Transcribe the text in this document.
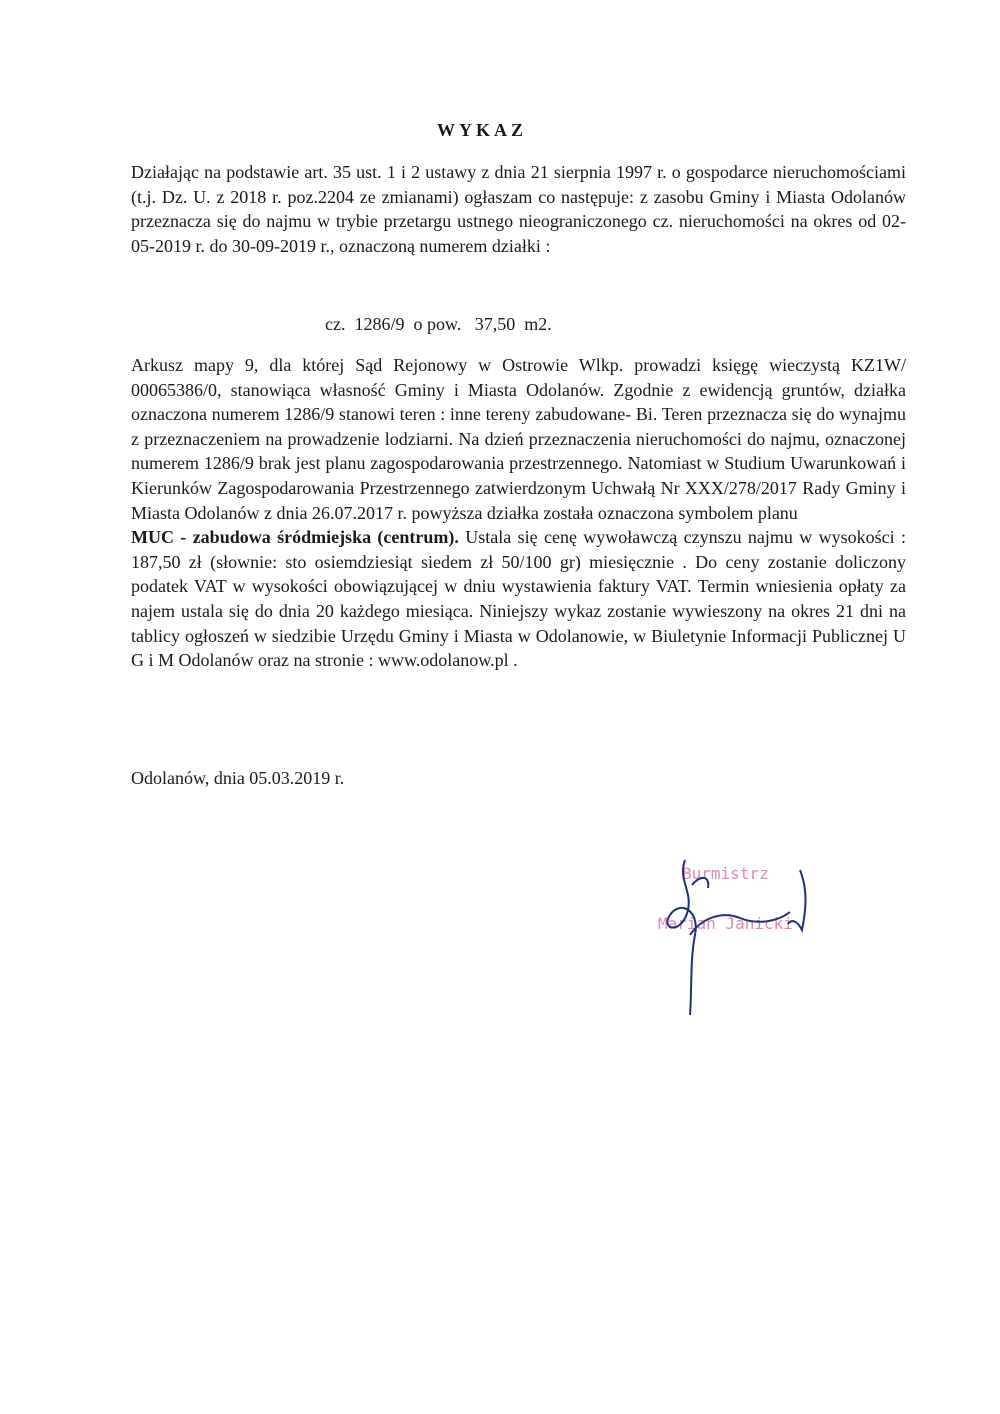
WYKAZ
Działając na podstawie art. 35 ust. 1 i 2 ustawy z dnia 21 sierpnia 1997 r. o gospodarce nieruchomościami (t.j. Dz. U. z 2018 r. poz.2204 ze zmianami) ogłaszam co następuje: z zasobu Gminy i Miasta Odolanów przeznacza się do najmu w trybie przetargu ustnego nieograniczonego cz. nieruchomości na okres od 02-05-2019 r. do 30-09-2019 r., oznaczoną numerem działki :
cz.  1286/9  o pow.   37,50  m2.
Arkusz mapy 9, dla której Sąd Rejonowy w Ostrowie Wlkp. prowadzi księgę wieczystą KZ1W/ 00065386/0, stanowiąca własność Gminy i Miasta Odolanów. Zgodnie z ewidencją gruntów, działka oznaczona numerem 1286/9 stanowi teren : inne tereny zabudowane- Bi. Teren przeznacza się do wynajmu z przeznaczeniem na prowadzenie lodziarni. Na dzień przeznaczenia nieruchomości do najmu, oznaczonej numerem 1286/9 brak jest planu zagospodarowania przestrzennego. Natomiast w Studium Uwarunkowań i Kierunków Zagospodarowania Przestrzennego zatwierdzonym Uchwałą Nr XXX/278/2017 Rady Gminy i Miasta Odolanów z dnia 26.07.2017 r. powyższa działka została oznaczona symbolem planu
MUC - zabudowa śródmiejska (centrum). Ustala się cenę wywoławczą czynszu najmu w wysokości : 187,50 zł (słownie: sto osiemdziesiąt siedem zł 50/100 gr) miesięcznie . Do ceny zostanie doliczony podatek VAT w wysokości obowiązującej w dniu wystawienia faktury VAT. Termin wniesienia opłaty za najem ustala się do dnia 20 każdego miesiąca. Niniejszy wykaz zostanie wywieszony na okres 21 dni na tablicy ogłoszeń w siedzibie Urzędu Gminy i Miasta w Odolanowie, w Biuletynie Informacji Publicznej U G i M Odolanów oraz na stronie : www.odolanow.pl .
Odolanów, dnia 05.03.2019 r.
Burmistrz
Marian Janicki
